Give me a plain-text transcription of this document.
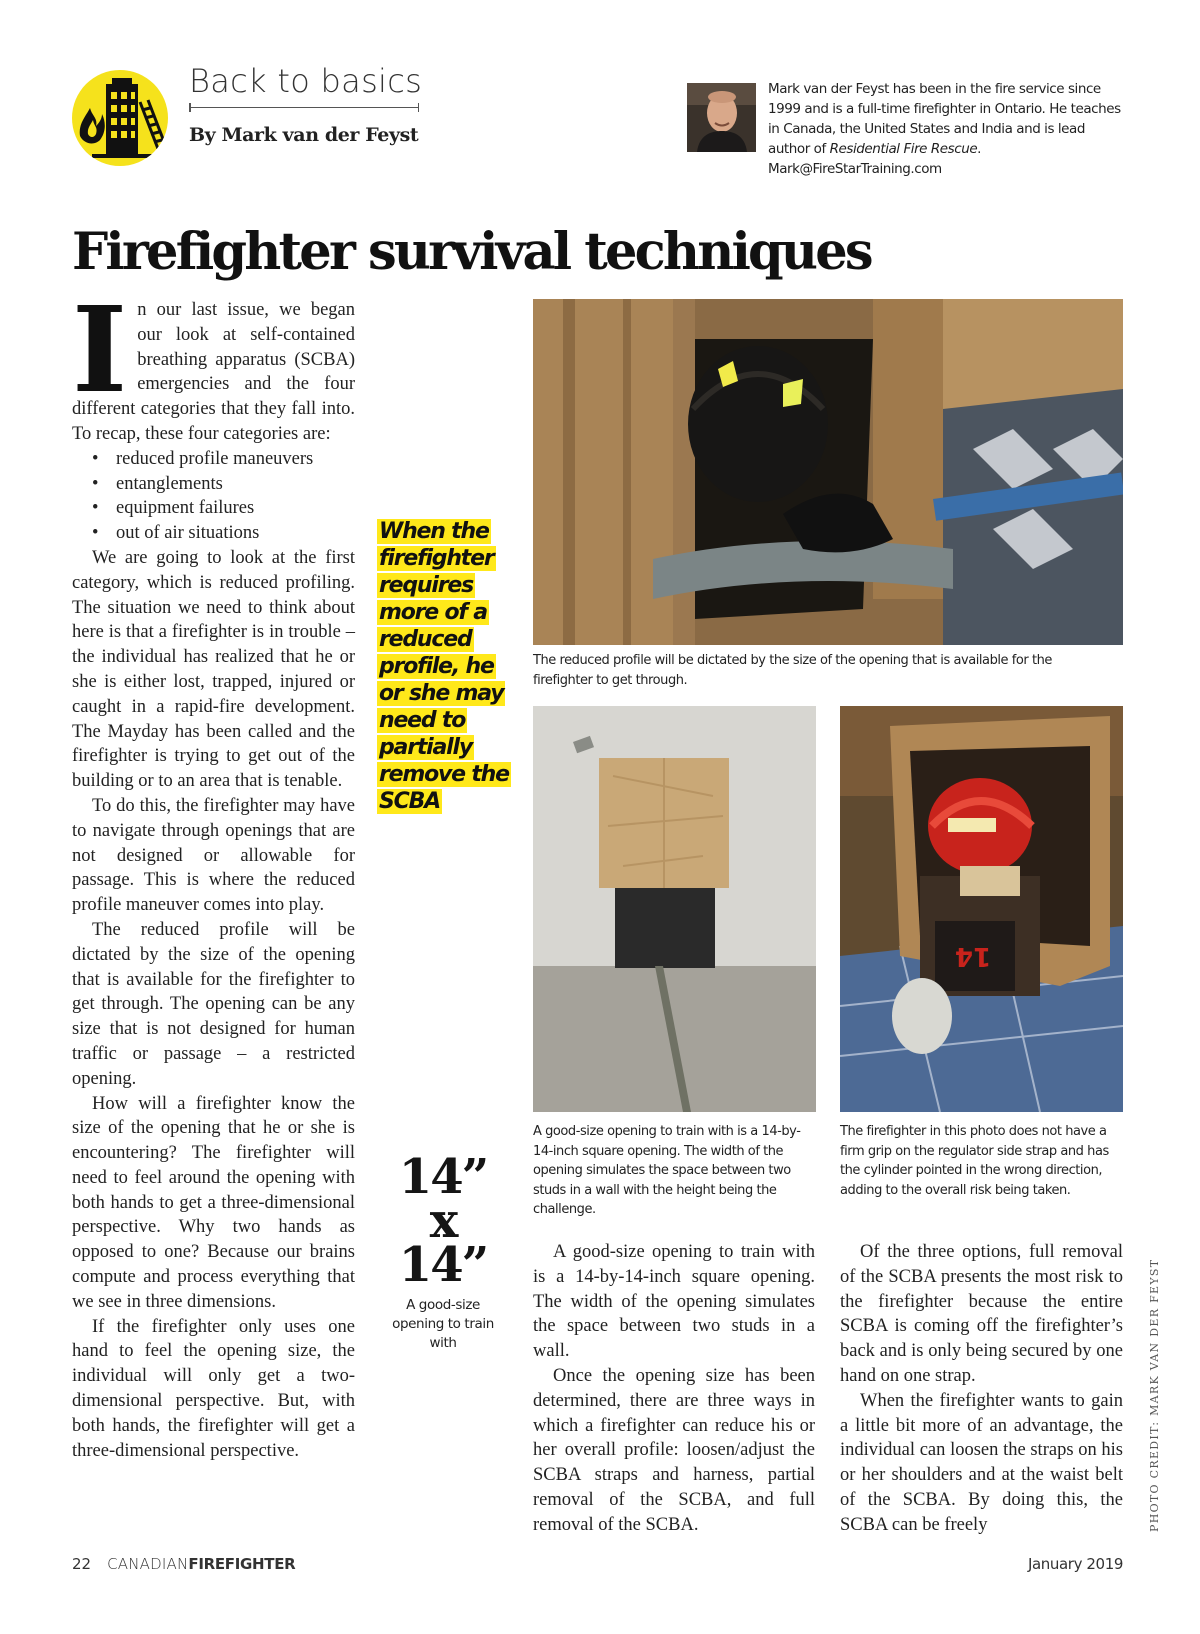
Back to basics
By Mark van der Feyst
Mark van der Feyst has been in the fire service since 1999 and is a full-time firefighter in Ontario. He teaches in Canada, the United States and India and is lead author of Residential Fire Rescue. Mark@FireStarTraining.com
Firefighter survival techniques

In our last issue, we began our look at self-contained breathing apparatus (SCBA) emergencies and the four different categories that they fall into. To recap, these four categories are:

• reduced profile maneuvers
• entanglements
• equipment failures
• out of air situations

We are going to look at the first category, which is reduced profiling. The situation we need to think about here is that a firefighter is in trouble – the individual has realized that he or she is either lost, trapped, injured or caught in a rapid-fire development. The Mayday has been called and the firefighter is trying to get out of the building or to an area that is tenable.

To do this, the firefighter may have to navigate through openings that are not designed or allowable for passage. This is where the reduced profile maneuver comes into play.

The reduced profile will be dictated by the size of the opening that is available for the firefighter to get through. The opening can be any size that is not designed for human traffic or passage – a restricted opening.

How will a firefighter know the size of the opening that he or she is encountering? The firefighter will need to feel around the opening with both hands to get a three-dimensional perspective. Why two hands as opposed to one? Because our brains compute and process everything that we see in three dimensions.

If the firefighter only uses one hand to feel the opening size, the individual will only get a two-dimensional perspective. But, with both hands, the firefighter will get a three-dimensional perspective.

When the firefighter requires more of a reduced profile, he or she may need to partially remove the SCBA
14”
x
14”
A good-size opening to train with
The reduced profile will be dictated by the size of the opening that is available for the firefighter to get through.
A good-size opening to train with is a 14-by-14-inch square opening. The width of the opening simulates the space between two studs in a wall with the height being the challenge.
14
The firefighter in this photo does not have a firm grip on the regulator side strap and has the cylinder pointed in the wrong direction, adding to the overall risk being taken.

A good-size opening to train with is a 14-by-14-inch square opening. The width of the opening simulates the space between two studs in a wall.

Once the opening size has been determined, there are three ways in which a firefighter can reduce his or her overall profile: loosen/adjust the SCBA straps and harness, partial removal of the SCBA, and full removal of the SCBA.

Of the three options, full removal of the SCBA presents the most risk to the firefighter because the entire SCBA is coming off the firefighter’s back and is only being secured by one hand on one strap.

When the firefighter wants to gain a little bit more of an advantage, the individual can loosen the straps on his or her shoulders and at the waist belt of the SCBA. By doing this, the SCBA can be freely	PHOTO CREDIT: MARK VAN DER FEYST
22 CANADIANFIREFIGHTER	January 2019
